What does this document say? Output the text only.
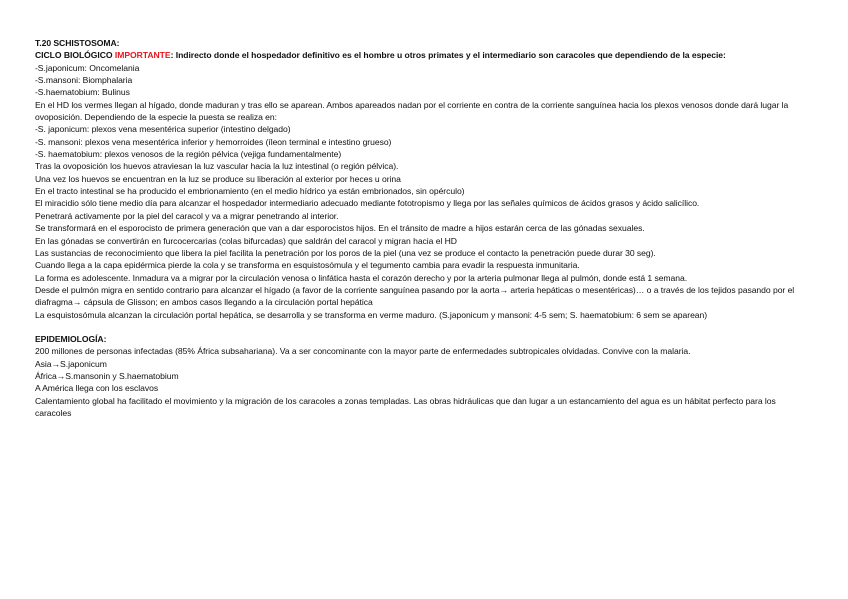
T.20 SCHISTOSOMA:
CICLO BIOLÓGICO IMPORTANTE: Indirecto donde el hospedador definitivo es el hombre u otros primates y el intermediario son caracoles que dependiendo de la especie:
-S.japonicum: Oncomelania
-S.mansoni: Biomphalaria
-S.haematobium: Bulinus
En el HD los vermes llegan al hígado, donde maduran y tras ello se aparean. Ambos apareados nadan por el corriente en contra de la corriente sanguínea hacia los plexos venosos donde dará lugar la ovoposición. Dependiendo de la especie la puesta se realiza en:
-S. japonicum: plexos vena mesentérica superior (intestino delgado)
-S. mansoni: plexos vena mesentérica inferior y hemorroides (íleon terminal e intestino grueso)
-S. haematobium: plexos venosos de la región pélvica (vejiga fundamentalmente)
Tras la ovoposición los huevos atraviesan la luz vascular hacia la luz intestinal (o región pélvica).
Una vez los huevos se encuentran en la luz se produce su liberación al exterior por heces u orina
En el tracto intestinal se ha producido el embrionamiento (en el medio hídrico ya están embrionados, sin opérculo)
El miracidio sólo tiene medio día para alcanzar el hospedador intermediario adecuado mediante fototropismo y llega por las señales químicos de ácidos grasos y ácido salicílico.
Penetrará activamente por la piel del caracol y va a migrar penetrando al interior.
Se transformará en el esporocisto de primera generación que van a dar esporocistos hijos. En el tránsito de madre a hijos estarán cerca de las gónadas sexuales.
En las gónadas se convertirán en furcocercarias (colas bifurcadas) que saldrán del caracol y migran hacia el HD
Las sustancias de reconocimiento que libera la piel facilita la penetración por los poros de la piel (una vez se produce el contacto la penetración puede durar 30 seg).
Cuando llega a la capa epidérmica pierde la cola y se transforma en esquistosómula y el tegumento cambia para evadir la respuesta inmunitaria.
La forma es adolescente. Inmadura va a migrar por la circulación venosa o linfática hasta el corazón derecho y por la arteria pulmonar llega al pulmón, donde está 1 semana.
Desde el pulmón migra en sentido contrario para alcanzar el hígado (a favor de la corriente sanguínea pasando por la aorta→ arteria hepáticas o mesentéricas)… o a través de los tejidos pasando por el diafragma→ cápsula de Glisson; en ambos casos llegando a la circulación portal hepática
La esquistosómula alcanzan la circulación portal hepática, se desarrolla y se transforma en verme maduro. (S.japonicum y mansoni: 4-5 sem; S. haematobium: 6 sem se aparean)
EPIDEMIOLOGÍA:
200 millones de personas infectadas (85% África subsahariana). Va a ser concominante con la mayor parte de enfermedades subtropicales olvidadas. Convive con la malaria.
Asia→S.japonicum
África→S.mansonin y S.haematobium
A América llega con los esclavos
Calentamiento global ha facilitado el movimiento y la migración de los caracoles a zonas templadas. Las obras hidráulicas que dan lugar a un estancamiento del agua es un hábitat perfecto para los caracoles
